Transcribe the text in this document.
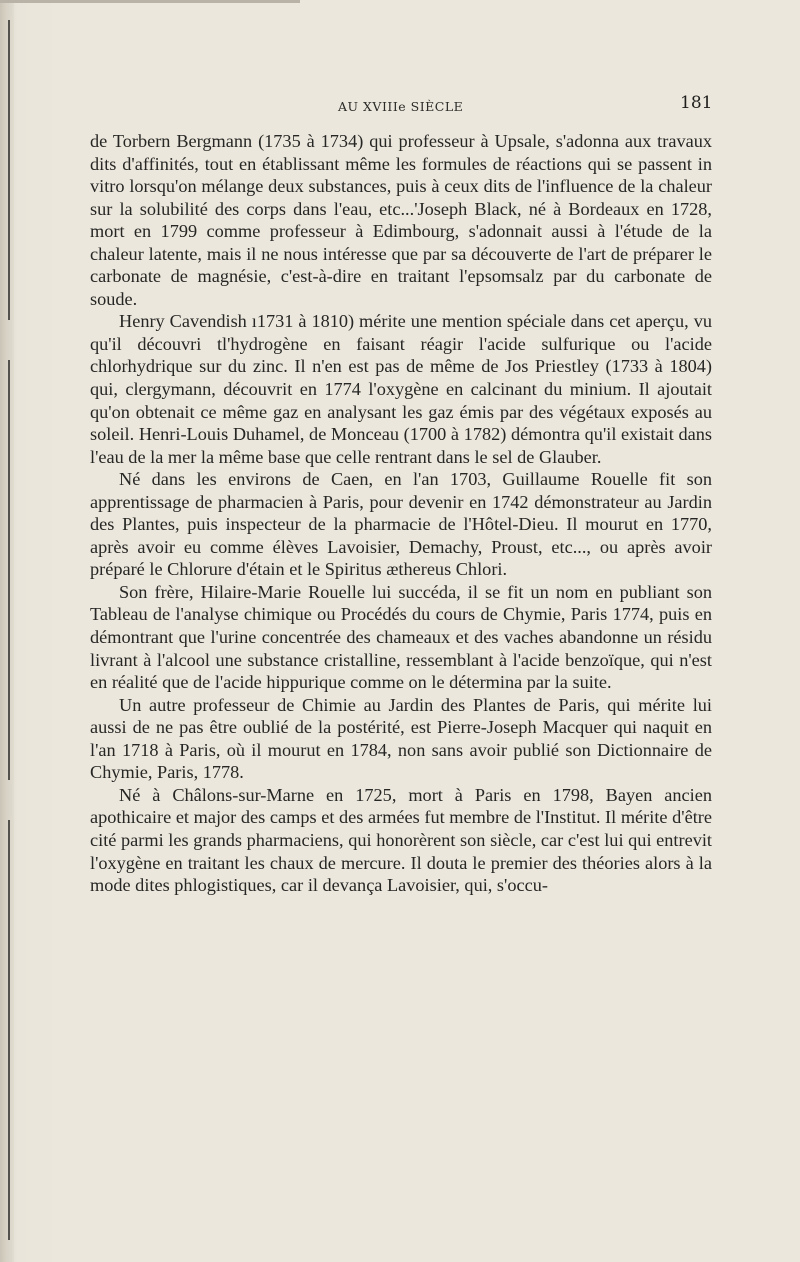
AU XVIIIe SIÈCLE	181

de Torbern Bergmann (1735 à 1734) qui professeur à Upsale, s'adonna aux travaux dits d'affinités, tout en établissant même les formules de réactions qui se passent in vitro lorsqu'on mélange deux substances, puis à ceux dits de l'influence de la chaleur sur la solubilité des corps dans l'eau, etc...'Joseph Black, né à Bordeaux en 1728, mort en 1799 comme professeur à Edimbourg, s'adonnait aussi à l'étude de la chaleur latente, mais il ne nous intéresse que par sa découverte de l'art de préparer le carbonate de magnésie, c'est-à-dire en traitant l'epsomsalz par du carbonate de soude.

Henry Cavendish ı1731 à 1810) mérite une mention spéciale dans cet aperçu, vu qu'il découvri tl'hydrogène en faisant réagir l'acide sulfurique ou l'acide chlorhydrique sur du zinc. Il n'en est pas de même de Jos Priestley (1733 à 1804) qui, clergymann, découvrit en 1774 l'oxygène en calcinant du minium. Il ajoutait qu'on obtenait ce même gaz en analysant les gaz émis par des végétaux exposés au soleil. Henri-Louis Duhamel, de Monceau (1700 à 1782) démontra qu'il existait dans l'eau de la mer la même base que celle rentrant dans le sel de Glauber.

Né dans les environs de Caen, en l'an 1703, Guillaume Rouelle fit son apprentissage de pharmacien à Paris, pour devenir en 1742 démonstrateur au Jardin des Plantes, puis inspecteur de la pharmacie de l'Hôtel-Dieu. Il mourut en 1770, après avoir eu comme élèves Lavoisier, Demachy, Proust, etc..., ou après avoir préparé le Chlorure d'étain et le Spiritus æthereus Chlori.

Son frère, Hilaire-Marie Rouelle lui succéda, il se fit un nom en publiant son Tableau de l'analyse chimique ou Procédés du cours de Chymie, Paris 1774, puis en démontrant que l'urine concentrée des chameaux et des vaches abandonne un résidu livrant à l'alcool une substance cristalline, ressemblant à l'acide benzoïque, qui n'est en réalité que de l'acide hippurique comme on le détermina par la suite.

Un autre professeur de Chimie au Jardin des Plantes de Paris, qui mérite lui aussi de ne pas être oublié de la postérité, est Pierre-Joseph Macquer qui naquit en l'an 1718 à Paris, où il mourut en 1784, non sans avoir publié son Dictionnaire de Chymie, Paris, 1778.

Né à Châlons-sur-Marne en 1725, mort à Paris en 1798, Bayen ancien apothicaire et major des camps et des armées fut membre de l'Institut. Il mérite d'être cité parmi les grands pharmaciens, qui honorèrent son siècle, car c'est lui qui entrevit l'oxygène en traitant les chaux de mercure. Il douta le premier des théories alors à la mode dites phlogistiques, car il devança Lavoisier, qui, s'occu-
